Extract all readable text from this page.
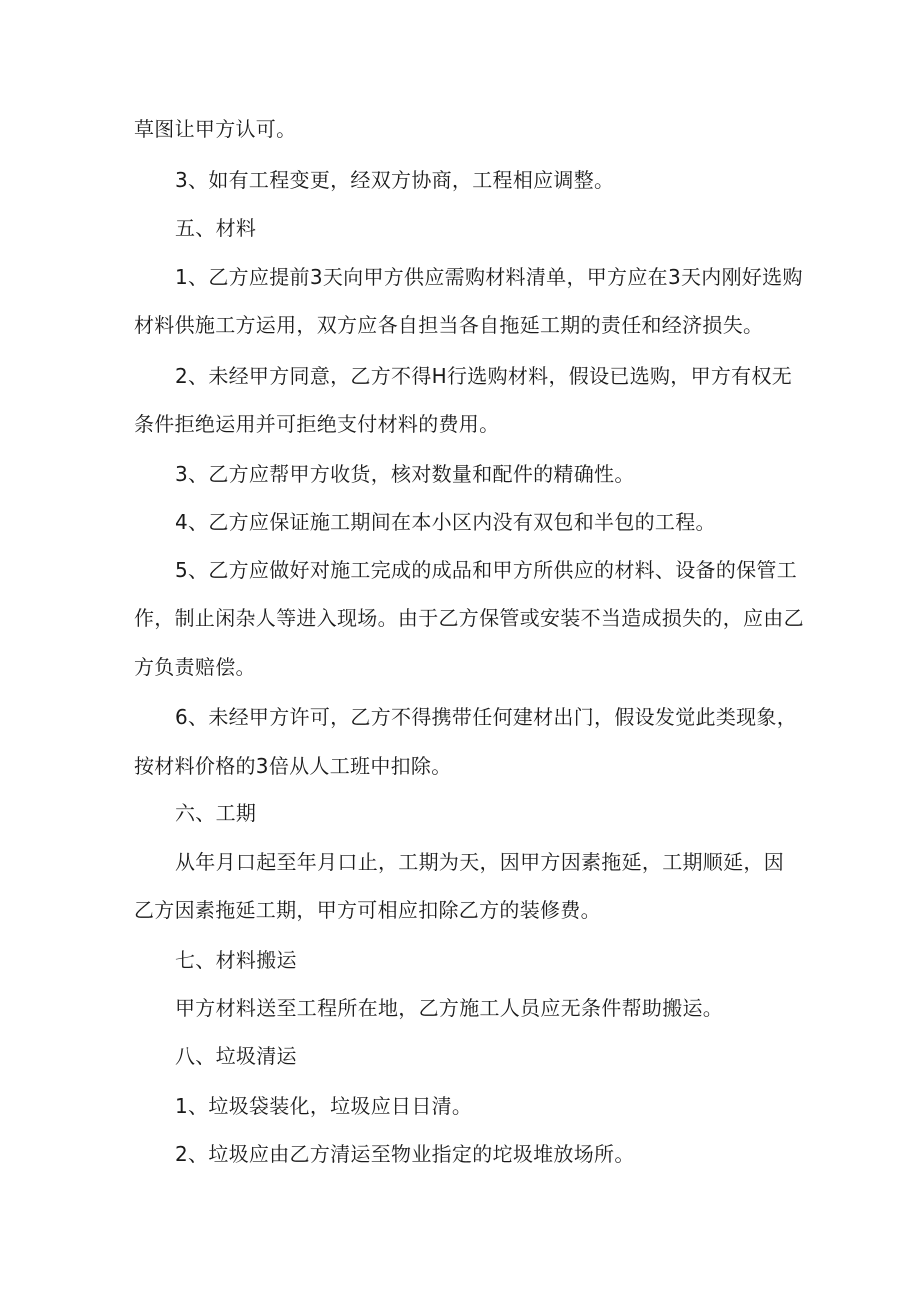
草图让甲方认可。
3、如有工程变更，经双方协商，工程相应调整。
五、材料
1、乙方应提前3天向甲方供应需购材料清单，甲方应在3天内刚好选购
材料供施工方运用，双方应各自担当各自拖延工期的责任和经济损失。
2、未经甲方同意，乙方不得H行选购材料，假设已选购，甲方有权无
条件拒绝运用并可拒绝支付材料的费用。
3、乙方应帮甲方收货，核对数量和配件的精确性。
4、乙方应保证施工期间在本小区内没有双包和半包的工程。
5、乙方应做好对施工完成的成品和甲方所供应的材料、设备的保管工
作，制止闲杂人等进入现场。由于乙方保管或安装不当造成损失的，应由乙
方负责赔偿。
6、未经甲方许可，乙方不得携带任何建材出门，假设发觉此类现象，
按材料价格的3倍从人工班中扣除。
六、工期
从年月口起至年月口止，工期为天，因甲方因素拖延，工期顺延，因
乙方因素拖延工期，甲方可相应扣除乙方的装修费。
七、材料搬运
甲方材料送至工程所在地，乙方施工人员应无条件帮助搬运。
八、垃圾清运
1、垃圾袋装化，垃圾应日日清。
2、垃圾应由乙方清运至物业指定的坨圾堆放场所。
